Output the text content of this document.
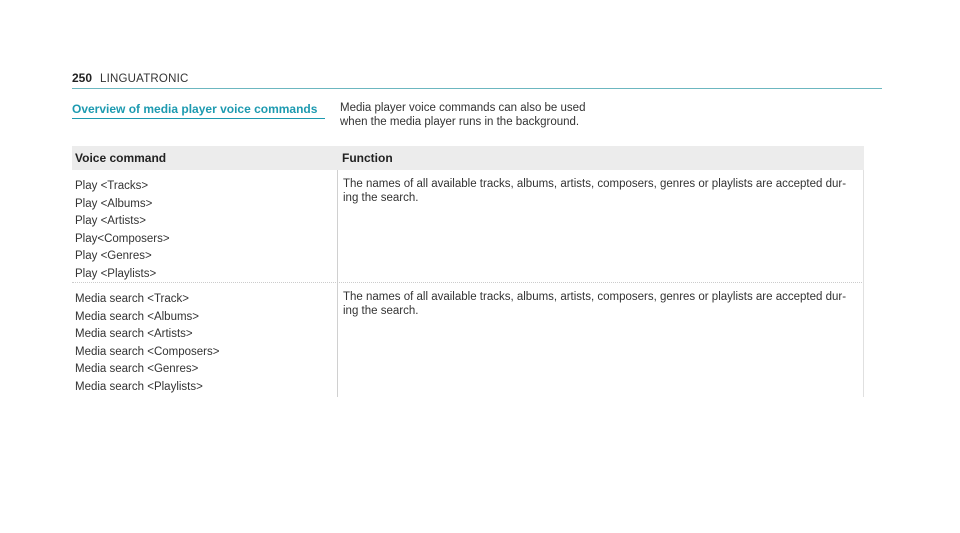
250 LINGUATRONIC
Overview of media player voice commands	Media player voice commands can also be used
when the media player runs in the background.
Voice command	Function
Play <Tracks>
Play <Albums>
Play <Artists>
Play<Composers>
Play <Genres>
Play <Playlists>
The names of all available tracks, albums, artists, composers, genres or playlists are accepted dur-
ing the search.
Media search <Track>
Media search <Albums>
Media search <Artists>
Media search <Composers>
Media search <Genres>
Media search <Playlists>
The names of all available tracks, albums, artists, composers, genres or playlists are accepted dur-
ing the search.
